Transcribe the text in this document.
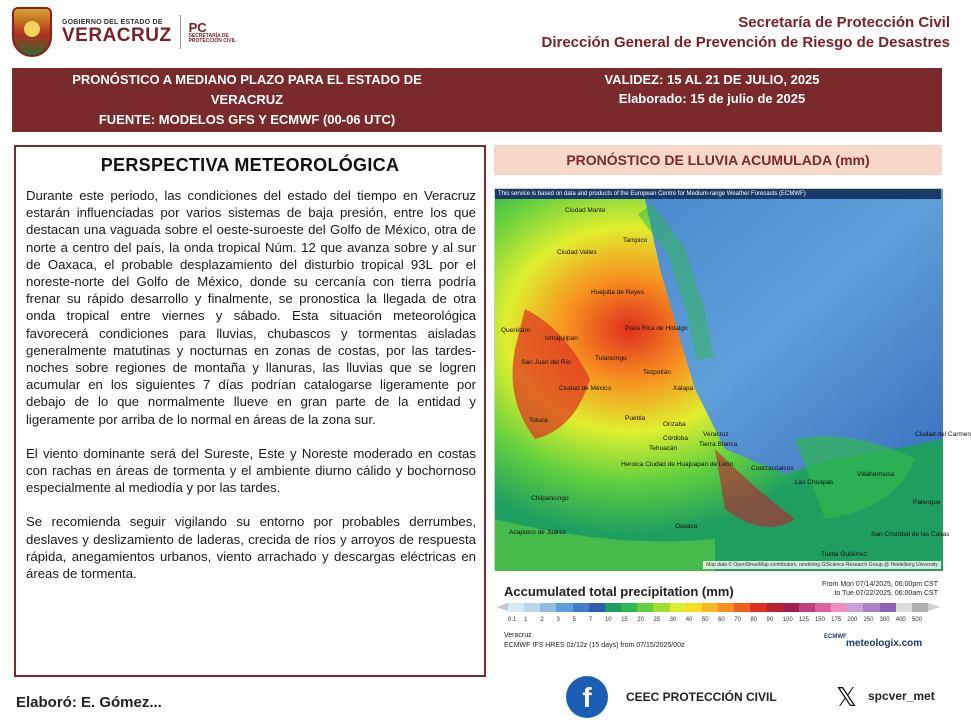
GOBIERNO DEL ESTADO DE
VERACRUZ PC
SECRETARÍA DE PROTECCIÓN CIVIL
Secretaría de Protección Civil
Dirección General de Prevención de Riesgo de Desastres
PRONÓSTICO A MEDIANO PLAZO PARA EL ESTADO DE
VERACRUZ
FUENTE: MODELOS GFS Y ECMWF (00-06 UTC)
VALIDEZ: 15 AL 21 DE JULIO, 2025
Elaborado: 15 de julio de 2025
PERSPECTIVA METEOROLÓGICA

Durante este periodo, las condiciones del estado del tiempo en Veracruz estarán influenciadas por varios sistemas de baja presión, entre los que destacan una vaguada sobre el oeste-suroeste del Golfo de México, otra de norte a centro del país, la onda tropical Núm. 12 que avanza sobre y al sur de Oaxaca, el probable desplazamiento del disturbio tropical 93L por el noreste-norte del Golfo de México, donde su cercanía con tierra podría frenar su rápido desarrollo y finalmente, se pronostica la llegada de otra onda tropical entre viernes y sábado. Esta situación meteorológica favorecerá condiciones para lluvias, chubascos y tormentas aisladas generalmente matutinas y nocturnas en zonas de costas, por las tardes-noches sobre regiones de montaña y llanuras, las lluvias que se logren acumular en los siguientes 7 días podrían catalogarse ligeramente por debajo de lo que normalmente llueve en gran parte de la entidad y ligeramente por arriba de lo normal en áreas de la zona sur.

El viento dominante será del Sureste, Este y Noreste moderado en costas con rachas en áreas de tormenta y el ambiente diurno cálido y bochornoso especialmente al mediodía y por las tardes.

Se recomienda seguir vigilando su entorno por probables derrumbes, deslaves y deslizamiento de laderas, crecida de ríos y arroyos de respuesta rápida, anegamientos urbanos, viento arrachado y descargas eléctricas en áreas de tormenta.

PRONÓSTICO DE LLUVIA ACUMULADA (mm)
This service is based on data and products of the European Centre for Medium-range Weather Forecasts (ECMWF)
Ciudad Mante
Tampico
Ciudad Valles
Huejutla de Reyes
Poza Rica de Hidalgo
Ixmiquilpan
Tulancingo
Tezpotlán
Xalapa
Veracruz
Puebla
Orizaba
Córdoba
Tehuacán
Tierra Blanca
Heroica Ciudad de Huajuapan de León
Oaxaca
Coatzacoalcos
Las Choapas
Villahermosa
Palenque
Ciudad del Carmen
San Cristóbal de las Casas
Tuxtla Gutiérrez
Chilpancingo
Acapulco de Juárez
Ciudad de México
San Juan del Río
Querétaro
Toluca
Map data © OpenStreetMap contributors, rendering GIScience Research Group @ Heidelberg University
Accumulated total precipitation (mm)	From Mon 07/14/2025, 06:00pm CST
to Tue 07/22/2025, 06:00am CST
0.1	1	2	3	5	7	10	15	20	25	30	40	50	60	70	80	90	100	125	150	175	200	250	300	400	500
Veracruz
ECMWF IFS HRES 0z/12z (15 days) from 07/15/2025/00z
ECMWF
meteologix.com
Elaboró: E. Gómez...	f	CEEC PROTECCIÓN CIVIL 𝕏 spcver_met
